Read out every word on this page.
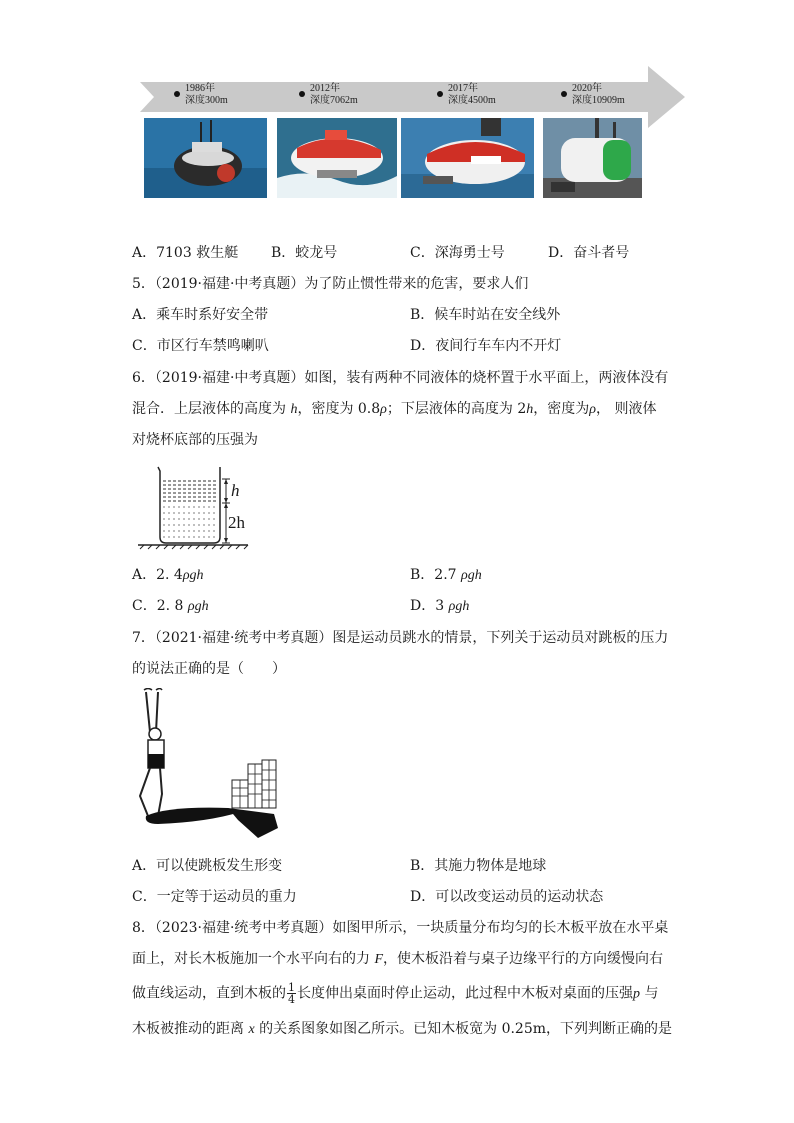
1986年
深度300m
2012年
深度7062m
2017年
深度4500m
2020年
深度10909m
A．7103 救生艇 B．蛟龙号	C．深海勇士号	D．奋斗者号
5．（2019·福建·中考真题）为了防止惯性带来的危害，要求人们
A．乘车时系好安全带	B．候车时站在安全线外
C．市区行车禁鸣喇叭	D．夜间行车车内不开灯
6．（2019·福建·中考真题）如图，装有两种不同液体的烧杯置于水平面上，两液体没有
混合．上层液体的高度为 h，密度为 0.8ρ；下层液体的高度为 2h，密度为ρ， 则液体
对烧杯底部的压强为
h
2h
A．2. 4ρgh	B．2.7 ρgh
C．2. 8 ρgh	D．3 ρgh
7．（2021·福建·统考中考真题）图是运动员跳水的情景，下列关于运动员对跳板的压力
的说法正确的是（　　）
A．可以使跳板发生形变	B．其施力物体是地球
C．一定等于运动员的重力	D．可以改变运动员的运动状态
8．（2023·福建·统考中考真题）如图甲所示，一块质量分布均匀的长木板平放在水平桌
面上，对长木板施加一个水平向右的力 F，使木板沿着与桌子边缘平行的方向缓慢向右
做直线运动，直到木板的 $\frac{1}{4}$ 长度伸出桌面时停止运动，此过程中木板对桌面的压强p 与
木板被推动的距离 x 的关系图象如图乙所示。已知木板宽为 0.25m，下列判断正确的是
